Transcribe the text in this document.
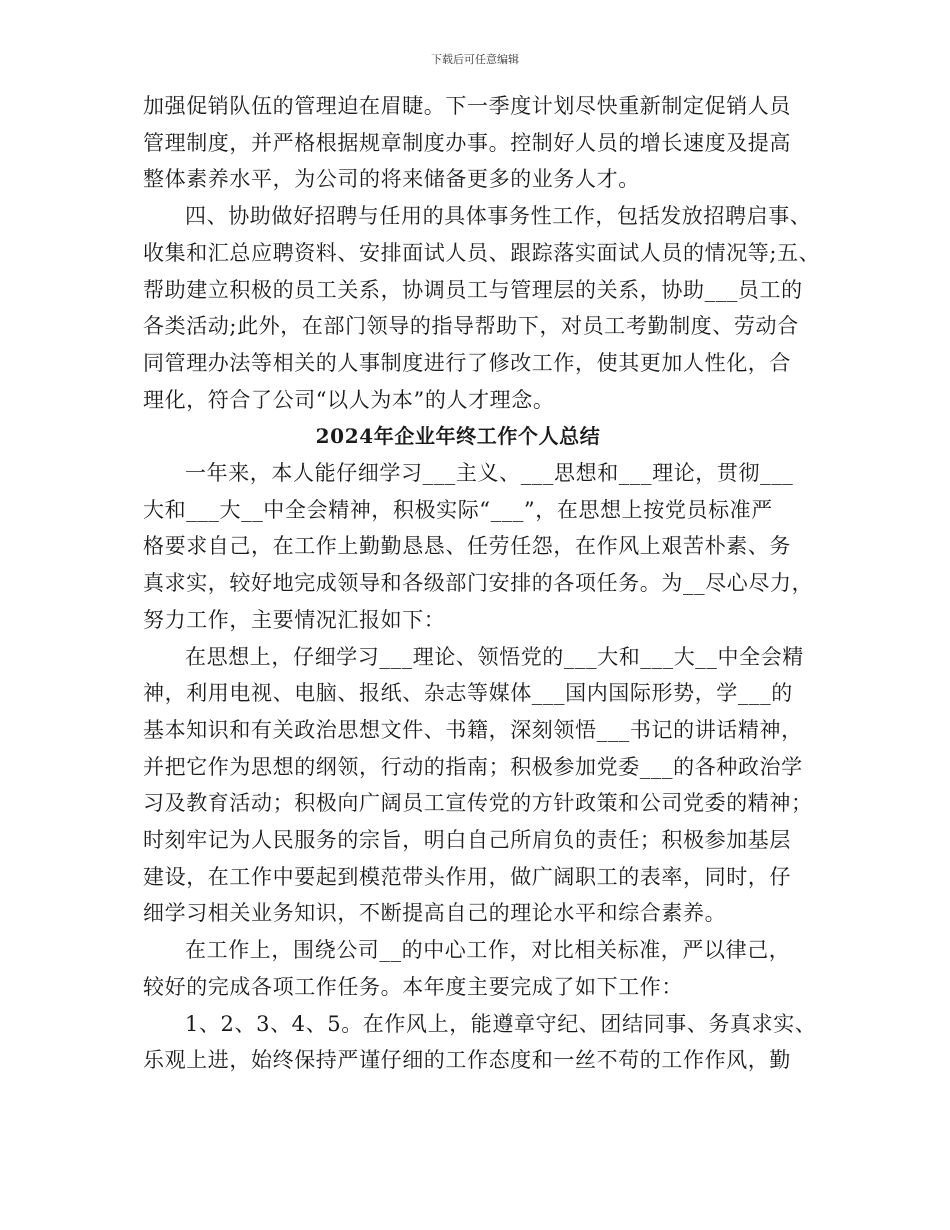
下载后可任意编辑
加强促销队伍的管理迫在眉睫。下一季度计划尽快重新制定促销人员
管理制度，并严格根据规章制度办事。控制好人员的增长速度及提高
整体素养水平，为公司的将来储备更多的业务人才。
四、协助做好招聘与任用的具体事务性工作，包括发放招聘启事、
收集和汇总应聘资料、安排面试人员、跟踪落实面试人员的情况等;五、
帮助建立积极的员工关系，协调员工与管理层的关系，协助___员工的
各类活动;此外，在部门领导的指导帮助下，对员工考勤制度、劳动合
同管理办法等相关的人事制度进行了修改工作，使其更加人性化，合
理化，符合了公司“以人为本”的人才理念。
2024年企业年终工作个人总结
一年来，本人能仔细学习___主义、___思想和___理论，贯彻___
大和___大__中全会精神，积极实际“___”，在思想上按党员标准严
格要求自己，在工作上勤勤恳恳、任劳任怨，在作风上艰苦朴素、务
真求实，较好地完成领导和各级部门安排的各项任务。为__尽心尽力，
努力工作，主要情况汇报如下：
在思想上，仔细学习___理论、领悟党的___大和___大__中全会精
神，利用电视、电脑、报纸、杂志等媒体___国内国际形势，学___的
基本知识和有关政治思想文件、书籍，深刻领悟___书记的讲话精神，
并把它作为思想的纲领，行动的指南；积极参加党委___的各种政治学
习及教育活动；积极向广阔员工宣传党的方针政策和公司党委的精神；
时刻牢记为人民服务的宗旨，明白自己所肩负的责任；积极参加基层
建设，在工作中要起到模范带头作用，做广阔职工的表率，同时，仔
细学习相关业务知识，不断提高自己的理论水平和综合素养。
在工作上，围绕公司__的中心工作，对比相关标准，严以律己，
较好的完成各项工作任务。本年度主要完成了如下工作：
1、2、3、4、5。在作风上，能遵章守纪、团结同事、务真求实、
乐观上进，始终保持严谨仔细的工作态度和一丝不苟的工作作风，勤
